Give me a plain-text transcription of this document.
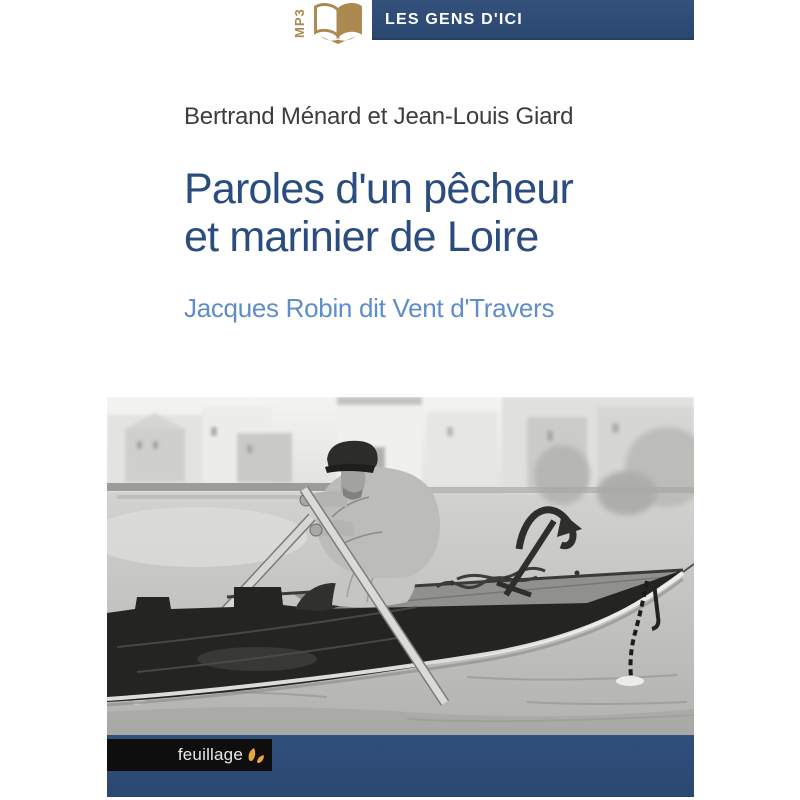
MP3	LES GENS D'ICI
Bertrand Ménard et Jean-Louis Giard
Paroles d'un pêcheur
et marinier de Loire
Jacques Robin dit Vent d'Travers
feuillage
